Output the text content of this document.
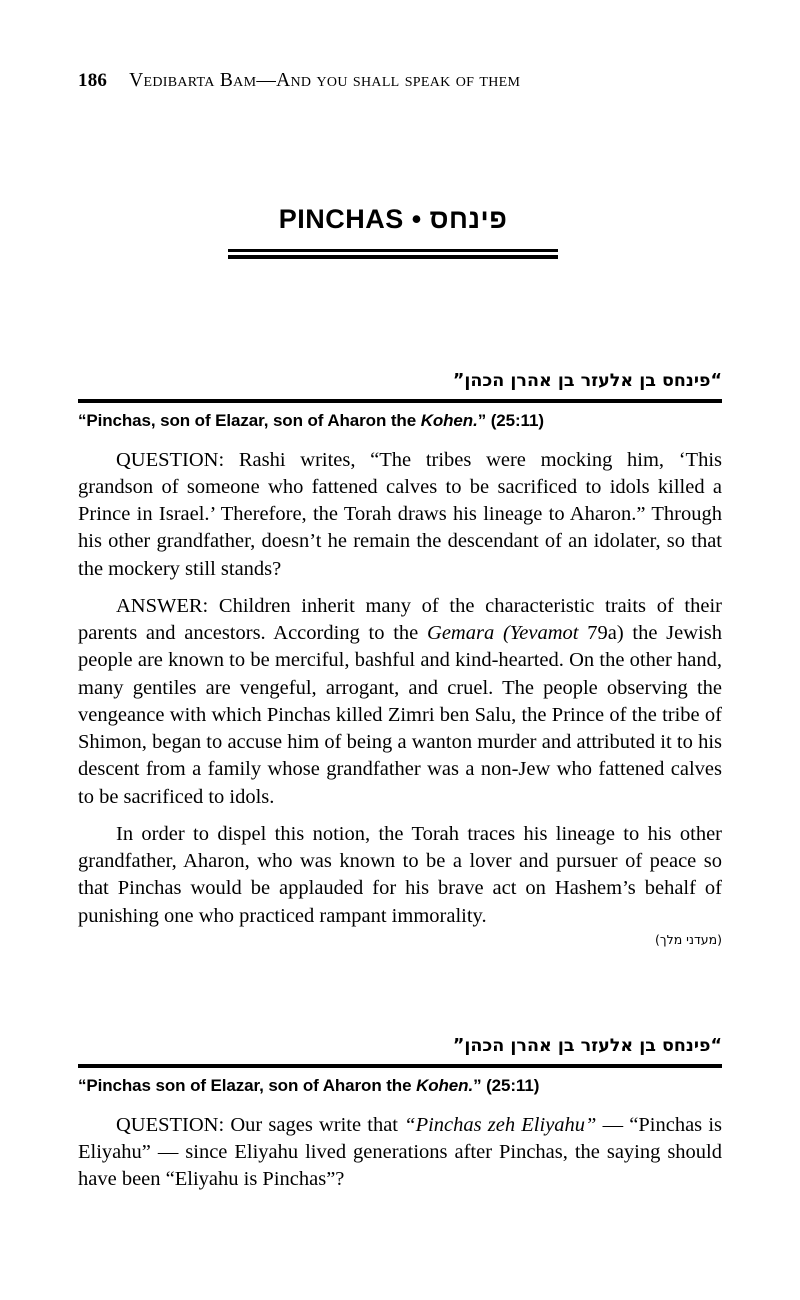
186 Vedibarta Bam—And you shall speak of them
PINCHAS • פינחס
“פינחס בן אלעזר בן אהרן הכהן”
“Pinchas, son of Elazar, son of Aharon the Kohen.” (25:11)

QUESTION: Rashi writes, “The tribes were mocking him, ‘This grandson of someone who fattened calves to be sacrificed to idols killed a Prince in Israel.’ Therefore, the Torah draws his lineage to Aharon.” Through his other grandfather, doesn’t he remain the descendant of an idolater, so that the mockery still stands?

ANSWER: Children inherit many of the characteristic traits of their parents and ancestors. According to the Gemara (Yevamot 79a) the Jewish people are known to be merciful, bashful and kind-hearted. On the other hand, many gentiles are vengeful, arrogant, and cruel. The people observing the vengeance with which Pinchas killed Zimri ben Salu, the Prince of the tribe of Shimon, began to accuse him of being a wanton murder and attributed it to his descent from a family whose grandfather was a non-Jew who fattened calves to be sacrificed to idols.

In order to dispel this notion, the Torah traces his lineage to his other grandfather, Aharon, who was known to be a lover and pursuer of peace so that Pinchas would be applauded for his brave act on Hashem’s behalf of punishing one who practiced rampant immorality.

(מעדני מלך)
“פינחס בן אלעזר בן אהרן הכהן”
“Pinchas son of Elazar, son of Aharon the Kohen.” (25:11)

QUESTION: Our sages write that “Pinchas zeh Eliyahu” — “Pinchas is Eliyahu” — since Eliyahu lived generations after Pinchas, the saying should have been “Eliyahu is Pinchas”?
